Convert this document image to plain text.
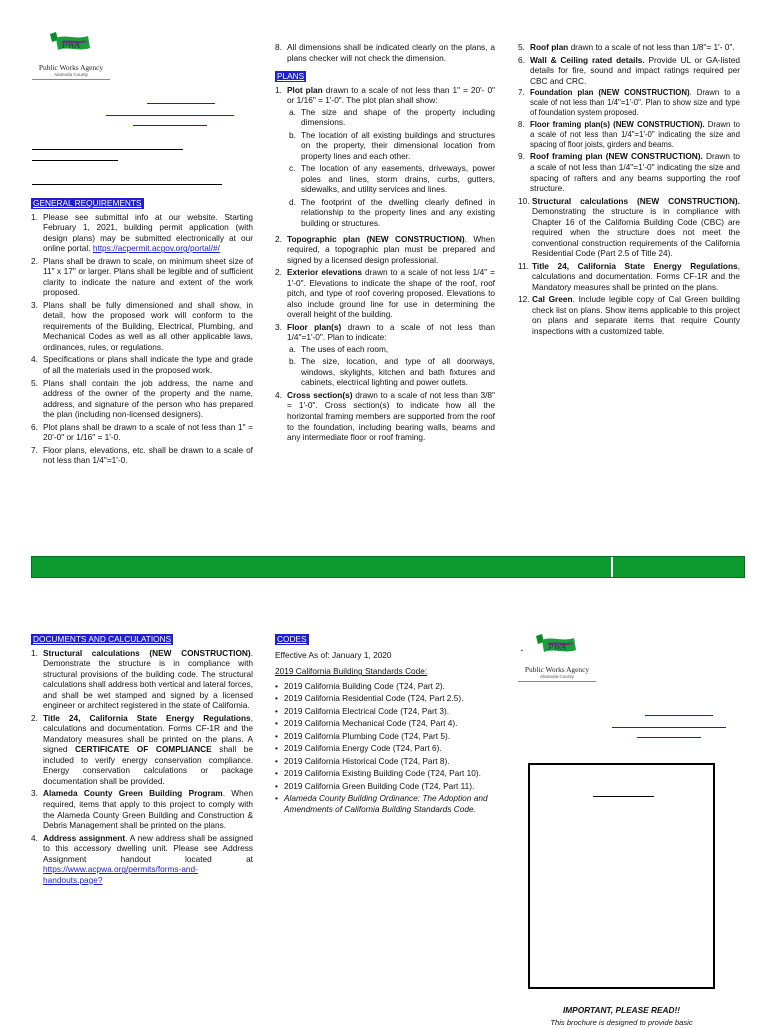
PWA
Public Works Agency
Alameda County
GENERAL REQUIREMENTS
1. Please see submittal info at our website. Starting February 1, 2021, building permit application (with design plans) may be submitted electronically at our online portal. https://acpermit.acgov.org/portal/#/
2. Plans shall be drawn to scale, on minimum sheet size of 11" x 17" or larger. Plans shall be legible and of sufficient clarity to indicate the nature and extent of the work proposed.
3. Plans shall be fully dimensioned and shall show, in detail, how the proposed work will conform to the requirements of the Building, Electrical, Plumbing, and Mechanical Codes as well as all other applicable laws, ordinances, rules, or regulations.
4. Specifications or plans shall indicate the type and grade of all the materials used in the proposed work.
5. Plans shall contain the job address, the name and address of the owner of the property and the name, address, and signature of the person who has prepared the plan (including non-licensed designers).
6. Plot plans shall be drawn to a scale of not less than 1" = 20'-0" or 1/16" = 1'-0.
7. Floor plans, elevations, etc. shall be drawn to a scale of not less than 1/4"=1'-0.
8. All dimensions shall be indicated clearly on the plans, a plans checker will not check the dimension.
PLANS
1. Plot plan drawn to a scale of not less than 1" = 20'- 0" or 1/16" = 1'-0". The plot plan shall show:
a. The size and shape of the property including dimensions.
b. The location of all existing buildings and structures on the property, their dimensional location from property lines and each other.
c. The location of any easements, driveways, power poles and lines, storm drains, curbs, gutters, sidewalks, and utility services and lines.
d. The footprint of the dwelling clearly defined in relationship to the property lines and any existing building or structures.
2. Topographic plan (NEW CONSTRUCTION). When required, a topographic plan must be prepared and signed by a licensed design professional.
2. Exterior elevations drawn to a scale of not less 1/4" = 1'-0". Elevations to indicate the shape of the roof, roof pitch, and type of roof covering proposed. Elevations to also include ground line for use in determining the overall height of the building.
3. Floor plan(s) drawn to a scale of not less than 1/4"=1'-0". Plan to indicate:
a. The uses of each room,
b. The size, location, and type of all doorways, windows, skylights, kitchen and bath fixtures and cabinets, electrical lighting and power outlets.
4. Cross section(s) drawn to a scale of not less than 3/8" = 1'-0". Cross section(s) to indicate how all the horizontal framing members are supported from the roof to the foundation, including bearing walls, beams and any intermediate floor or roof framing.
5. Roof plan drawn to a scale of not less than 1/8"= 1'- 0".
6. Wall & Ceiling rated details. Provide UL or GA-listed details for fire, sound and impact ratings required per CBC and CRC.
7. Foundation plan (NEW CONSTRUCTION). Drawn to a scale of not less than 1/4"=1'-0". Plan to show size and type of foundation system proposed.
8. Floor framing plan(s) (NEW CONSTRUCTION). Drawn to a scale of not less than 1/4"=1'-0" indicating the size and spacing of floor joists, girders and beams.
9. Roof framing plan (NEW CONSTRUCTION). Drawn to a scale of not less than 1/4"=1'-0" indicating the size and spacing of rafters and any beams supporting the roof structure.
10. Structural calculations (NEW CONSTRUCTION). Demonstrating the structure is in compliance with Chapter 16 of the California Building Code (CBC) are required when the structure does not meet the conventional construction requirements of the California Residential Code (Part 2.5 of Title 24).
11. Title 24, California State Energy Regulations, calculations and documentation. Forms CF-1R and the Mandatory measures shall be printed on the plans.
12. Cal Green. Include legible copy of Cal Green building check list on plans. Show items applicable to this project on plans and separate items that require County inspections with a customized table.
DOCUMENTS AND CALCULATIONS
1. Structural calculations (NEW CONSTRUCTION). Demonstrate the structure is in compliance with structural provisions of the building code. The structural calculations shall address both vertical and lateral forces, and shall be wet stamped and signed by a licensed engineer or architect registered in the state of California.
2. Title 24, California State Energy Regulations, calculations and documentation. Forms CF-1R and the Mandatory measures shall be printed on the plans. A signed CERTIFICATE OF COMPLIANCE shall be included to verify energy conservation compliance. Energy conservation calculations or package documentation shall be provided.
3. Alameda County Green Building Program. When required, items that apply to this project to comply with the Alameda County Green Building and Construction & Debris Management shall be printed on the plans.
4. Address assignment. A new address shall be assigned to this accessory dwelling unit. Please see Address Assignment handout located at https://www.acpwa.org/permits/forms-and-handouts.page?
CODES
Effective As of: January 1, 2020
2019 California Building Standards Code:
• 2019 California Building Code (T24, Part 2).
• 2019 California Residential Code (T24, Part 2.5).
• 2019 California Electrical Code (T24, Part 3).
• 2019 California Mechanical Code (T24, Part 4).
• 2019 California Plumbing Code (T24, Part 5).
• 2019 California Energy Code (T24, Part 6).
• 2019 California Historical Code (T24, Part 8).
• 2019 California Existing Building Code (T24, Part 10).
• 2019 California Green Building Code (T24, Part 11).
• Alameda County Building Ordinance: The Adoption and Amendments of California Building Standards Code.
▪	PWA
Public Works Agency
Alameda County
IMPORTANT, PLEASE READ!!
This brochure is designed to provide basic
